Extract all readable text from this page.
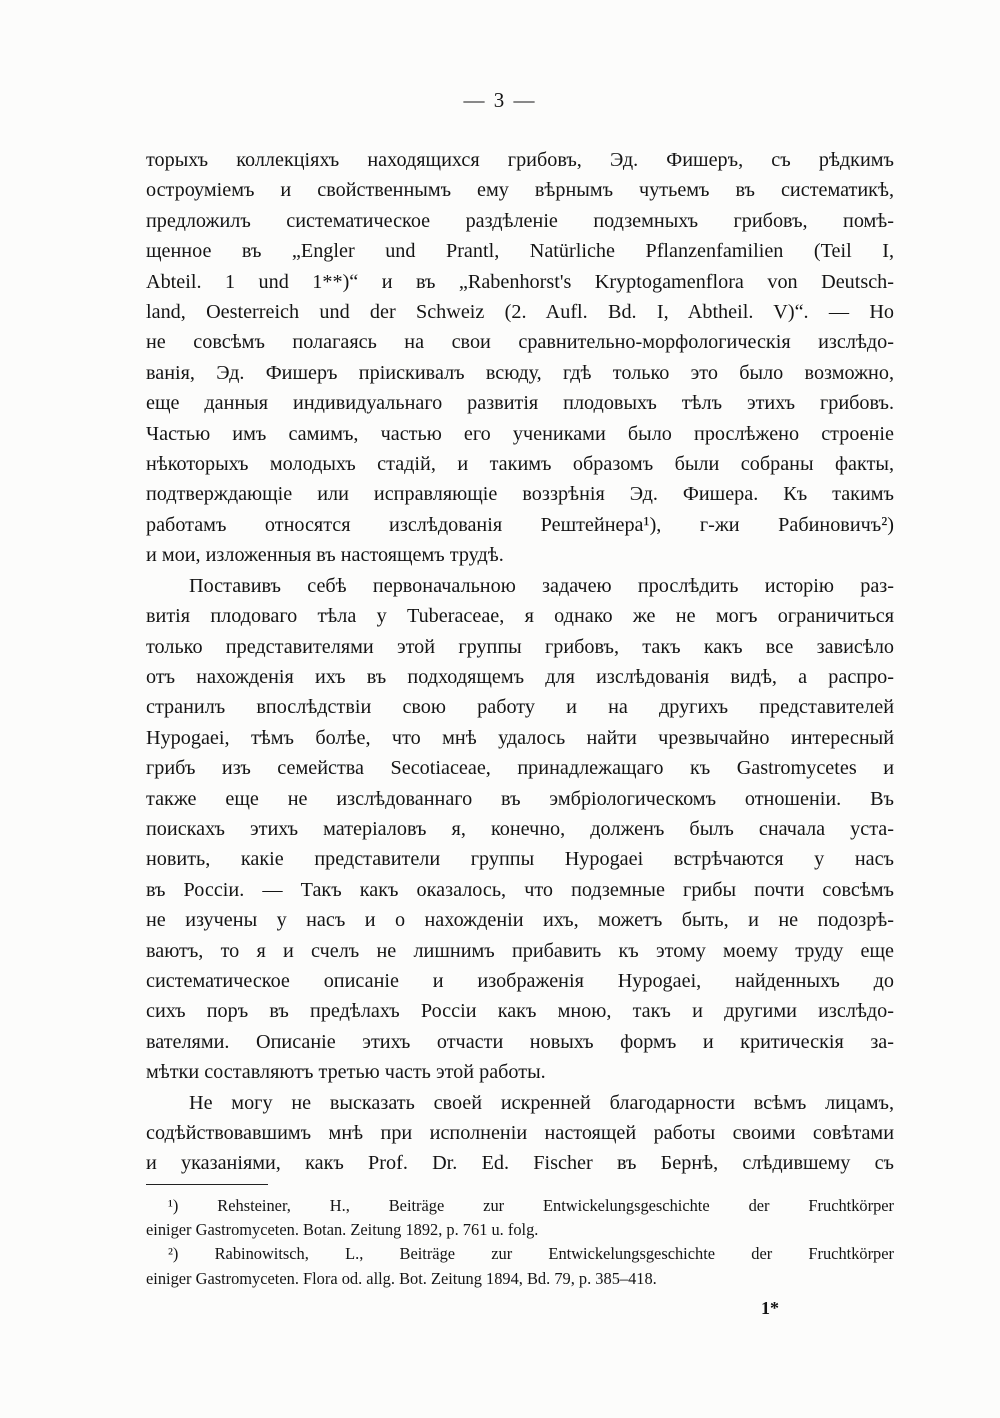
— 3 —

торыхъ коллекціяхъ находящихся грибовъ, Эд. Фишеръ, съ рѣдкимъ
остроуміемъ и свойственнымъ ему вѣрнымъ чутьемъ въ систематикѣ,
предложилъ систематическое раздѣленіе подземныхъ грибовъ, помѣ-
щенное въ „Engler und Prantl, Natürliche Pflanzenfamilien (Teil I,
Abteil. 1 und 1**)“ и въ „Rabenhorst's Kryptogamenflora von Deutsch-
land, Oesterreich und der Schweiz (2. Aufl. Bd. I, Abtheil. V)“. — Но
не совсѣмъ полагаясь на свои сравнительно-морфологическія изслѣдо-
ванія, Эд. Фишеръ пріискивалъ всюду, гдѣ только это было возможно,
еще данныя индивидуальнаго развитія плодовыхъ тѣлъ этихъ грибовъ.
Частью имъ самимъ, частью его учениками было прослѣжено строеніе
нѣкоторыхъ молодыхъ стадій, и такимъ образомъ были собраны факты,
подтверждающіе или исправляющіе воззрѣнія Эд. Фишера. Къ такимъ
работамъ относятся изслѣдованія Рештейнера¹), г-жи Рабиновичъ²)
и мои, изложенныя въ настоящемъ трудѣ.

Поставивъ себѣ первоначальною задачею прослѣдить исторію раз-
витія плодоваго тѣла у Tuberaceae, я однако же не могъ ограничиться
только представителями этой группы грибовъ, такъ какъ все зависѣло
отъ нахожденія ихъ въ подходящемъ для изслѣдованія видѣ, а распро-
странилъ впослѣдствіи свою работу и на другихъ представителей
Hypogaei, тѣмъ болѣе, что мнѣ удалось найти чрезвычайно интересный
грибъ изъ семейства Secotiaceae, принадлежащаго къ Gastromycetes и
также еще не изслѣдованнаго въ эмбріологическомъ отношеніи. Въ
поискахъ этихъ матеріаловъ я, конечно, долженъ былъ сначала уста-
новить, какіе представители группы Hypogaei встрѣчаются у насъ
въ Россіи. — Такъ какъ оказалось, что подземные грибы почти совсѣмъ
не изучены у насъ и о нахожденіи ихъ, можетъ быть, и не подозрѣ-
ваютъ, то я и счелъ не лишнимъ прибавить къ этому моему труду еще
систематическое описаніе и изображенія Hypogaei, найденныхъ до
сихъ поръ въ предѣлахъ Россіи какъ мною, такъ и другими изслѣдо-
вателями. Описаніе этихъ отчасти новыхъ формъ и критическія за-
мѣтки составляютъ третью часть этой работы.

Не могу не высказать своей искренней благодарности всѣмъ лицамъ,
содѣйствовавшимъ мнѣ при исполненіи настоящей работы своими совѣтами
и указаніями, какъ Prof. Dr. Ed. Fischer въ Бернѣ, слѣдившему съ

¹) Rehsteiner, H., Beiträge zur Entwickelungsgeschichte der Fruchtkörper
einiger Gastromyceten. Botan. Zeitung 1892, p. 761 u. folg.
²) Rabinowitsch, L., Beiträge zur Entwickelungsgeschichte der Fruchtkörper
einiger Gastromyceten. Flora od. allg. Bot. Zeitung 1894, Bd. 79, p. 385–418.
1*
